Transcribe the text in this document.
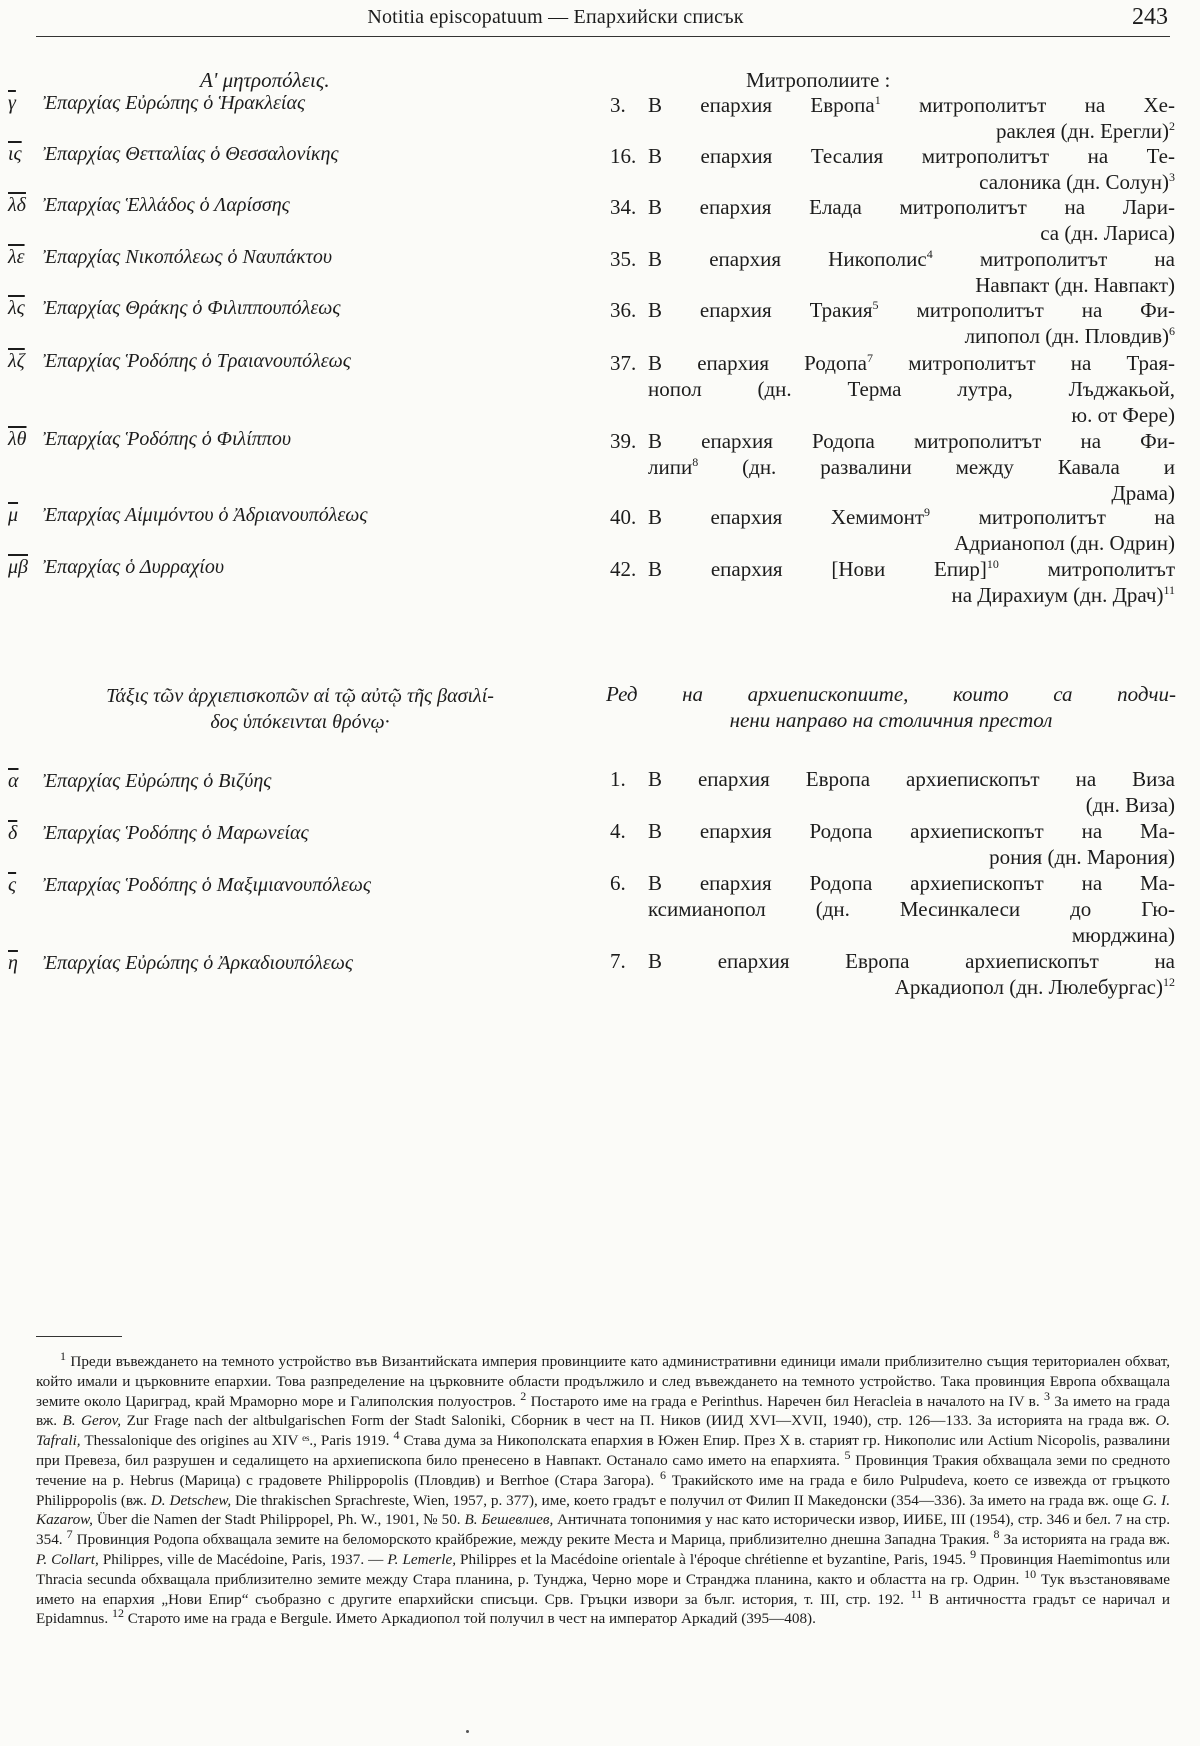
Notitia episcopatuum — Епархийски списък	243
Aʹ μητροπόλεις.
$\overline{\gamma}$ Ἐπαρχίας Εὐρώπης ὁ Ἡρακλείας
$\overline{\iota\varsigma}$ Ἐπαρχίας Θετταλίας ὁ Θεσσαλονίκης
$\overline{\lambda\delta}$ Ἐπαρχίας Ἑλλάδος ὁ Λαρίσσης
$\overline{\lambda\varepsilon}$ Ἐπαρχίας Νικοπόλεως ὁ Ναυπάκτου
$\overline{\lambda\varsigma}$ Ἐπαρχίας Θράκης ὁ Φιλιππουπόλεως
$\overline{\lambda\zeta}$ Ἐπαρχίας Ῥοδόπης ὁ Τραιανουπόλεως
$\overline{\lambda\theta}$ Ἐπαρχίας Ῥοδόπης ὁ Φιλίππου
$\overline{\mu}$ Ἐπαρχίας Αἱμιμόντου ὁ Ἀδριανουπόλεως
$\overline{\mu\beta}$ Ἐπαρχίας ὁ Δυρραχίου
Τάξις τῶν ἀρχιεπισκοπῶν αἱ τῷ αὐτῷ τῆς βασιλί-
δος ὑπόκεινται θρόνῳ·
$\overline{\alpha}$ Ἐπαρχίας Εὐρώπης ὁ Βιζύης
$\overline{\delta}$ Ἐπαρχίας Ῥοδόπης ὁ Μαρωνείας
$\overline{\varsigma}$ Ἐπαρχίας Ῥοδόπης ὁ Μαξιμιανουπόλεως
$\overline{\eta}$ Ἐπαρχίας Εὐρώπης ὁ Ἀρκαδιουπόλεως
Митрополиите :
3. В епархия Европа$^1$ митрополитът на Хе-
раклея (дн. Ерегли)$^2$
16. В епархия Тесалия митрополитът на Те-
салоника (дн. Солун)$^3$
34. В епархия Елада митрополитът на Лари-
са (дн. Лариса)
35. В епархия Никополис$^4$ митрополитът на
Навпакт (дн. Навпакт)
36. В епархия Тракия$^5$ митрополитът на Фи-
липопол (дн. Пловдив)$^6$
37. В епархия Родопа$^7$ митрополитът на Трая-
нопол (дн. Терма лутра, Лъджакьой,
ю. от Фере)
39. В епархия Родопа митрополитът на Фи-
липи$^8$ (дн. развалини между Кавала и
Драма)
40. В епархия Хемимонт$^9$ митрополитът на
Адрианопол (дн. Одрин)
42. В епархия [Нови Епир]$^{10}$ митрополитът
на Дирахиум (дн. Драч)$^{11}$
Ред на архиепископиите, които са подчи-
нени направо на столичния престол
1. В епархия Европа архиепископът на Виза
(дн. Виза)
4. В епархия Родопа архиепископът на Ма-
рония (дн. Марония)
6. В епархия Родопа архиепископът на Ма-
ксимианопол (дн. Месинкалеси до Гю-
мюрджина)
7. В епархия Европа архиепископът на
Аркадиопол (дн. Люлебургас)$^{12}$
$^1$ Преди въвеждането на темното устройство във Византийската империя провинциите като административни единици имали приблизително същия териториален обхват, който имали и църковните епархии. Това разпределение на църковните области продължило и след въвеждането на темното устройство. Така провинция Европа обхващала земите около Цариград, край Мраморно море и Галиполския полуостров. $^2$ Постарото име на града е Perinthus. Наречен бил Heracleia в началото на IV в. $^3$ За името на града вж. B. Gerov, Zur Frage nach der altbulgarischen Form der Stadt Saloniki, Сборник в чест на П. Ников (ИИД XVI—XVII, 1940), стр. 126—133. За историята на града вж. O. Tafrali, Thessalonique des origines au XIV ᵉˢ., Paris 1919. $^4$ Става дума за Никополската епархия в Южен Епир. През X в. старият гр. Никополис или Actium Nicopolis, развалини при Превеза, бил разрушен и седалището на архиепископа било пренесено в Навпакт. Останало само името на епархията. $^5$ Провинция Тракия обхващала земи по средното течение на р. Hebrus (Марица) с градовете Philippopolis (Пловдив) и Berrhoe (Стара Загора). $^6$ Тракийското име на града е било Pulpudeva, което се извежда от гръцкото Philippopolis (вж. D. Detschew, Die thrakischen Sprachreste, Wien, 1957, p. 377), име, което градът е получил от Филип II Македонски (354—336). За името на града вж. още G. I. Kazarow, Über die Namen der Stadt Philippopel, Ph. W., 1901, № 50. В. Бешевлиев, Античната топонимия у нас като исторически извор, ИИБЕ, III (1954), стр. 346 и бел. 7 на стр. 354. $^7$ Провинция Родопа обхващала земите на беломорското крайбрежие, между реките Места и Марица, приблизително днешна Западна Тракия. $^8$ За историята на града вж. P. Collart, Philippes, ville de Macédoine, Paris, 1937. — P. Lemerle, Philippes et la Macédoine orientale à l'époque chrétienne et byzantine, Paris, 1945. $^9$ Провинция Haemimontus или Thracia secunda обхващала приблизително земите между Стара планина, р. Тунджа, Черно море и Странджа планина, както и областта на гр. Одрин. $^{10}$ Тук възстановяваме името на епархия „Нови Епир“ съобразно с другите епархийски списъци. Срв. Гръцки извори за бълг. история, т. III, стр. 192. $^{11}$ В античността градът се наричал и Epidamnus. $^{12}$ Старото име на града е Bergule. Името Аркадиопол той получил в чест на император Аркадий (395—408).
